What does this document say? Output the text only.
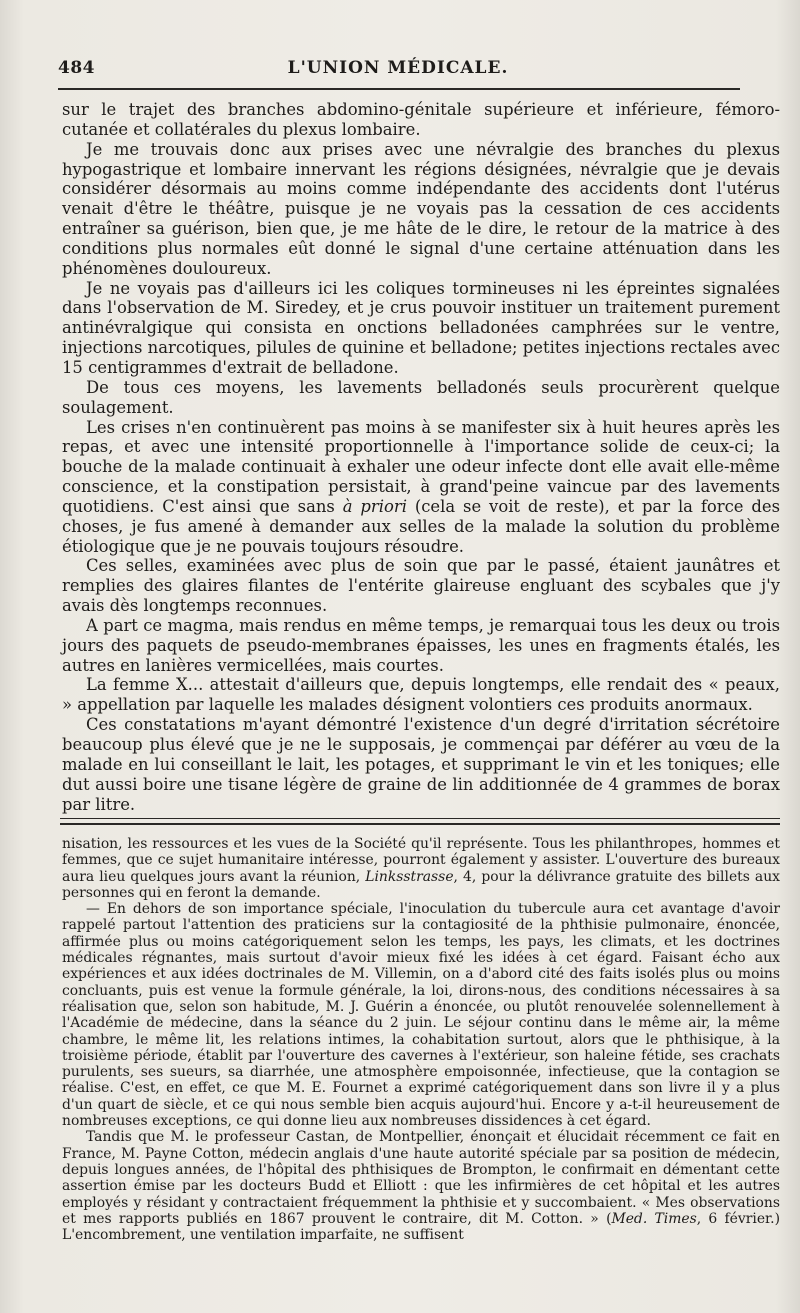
484	L'UNION MÉDICALE.

sur le trajet des branches abdomino-génitale supérieure et inférieure, fémoro-cutanée et collatérales du plexus lombaire.

Je me trouvais donc aux prises avec une névralgie des branches du plexus hypogastrique et lombaire innervant les régions désignées, névralgie que je devais considérer désormais au moins comme indépendante des accidents dont l'utérus venait d'être le théâtre, puisque je ne voyais pas la cessation de ces accidents entraîner sa guérison, bien que, je me hâte de le dire, le retour de la matrice à des conditions plus normales eût donné le signal d'une certaine atténuation dans les phénomènes douloureux.

Je ne voyais pas d'ailleurs ici les coliques tormineuses ni les épreintes signalées dans l'observation de M. Siredey, et je crus pouvoir instituer un traitement purement antinévralgique qui consista en onctions belladonées camphrées sur le ventre, injections narcotiques, pilules de quinine et belladone; petites injections rectales avec 15 centigrammes d'extrait de belladone.

De tous ces moyens, les lavements belladonés seuls procurèrent quelque soulagement.

Les crises n'en continuèrent pas moins à se manifester six à huit heures après les repas, et avec une intensité proportionnelle à l'importance solide de ceux-ci; la bouche de la malade continuait à exhaler une odeur infecte dont elle avait elle-même conscience, et la constipation persistait, à grand'peine vaincue par des lavements quotidiens. C'est ainsi que sans à priori (cela se voit de reste), et par la force des choses, je fus amené à demander aux selles de la malade la solution du problème étiologique que je ne pouvais toujours résoudre.

Ces selles, examinées avec plus de soin que par le passé, étaient jaunâtres et remplies des glaires filantes de l'entérite glaireuse engluant des scybales que j'y avais dès longtemps reconnues.

A part ce magma, mais rendus en même temps, je remarquai tous les deux ou trois jours des paquets de pseudo-membranes épaisses, les unes en fragments étalés, les autres en lanières vermicellées, mais courtes.

La femme X... attestait d'ailleurs que, depuis longtemps, elle rendait des « peaux, » appellation par laquelle les malades désignent volontiers ces produits anormaux.

Ces constatations m'ayant démontré l'existence d'un degré d'irritation sécrétoire beaucoup plus élevé que je ne le supposais, je commençai par déférer au vœu de la malade en lui conseillant le lait, les potages, et supprimant le vin et les toniques; elle dut aussi boire une tisane légère de graine de lin additionnée de 4 grammes de borax par litre.

nisation, les ressources et les vues de la Société qu'il représente. Tous les philanthropes, hommes et femmes, que ce sujet humanitaire intéresse, pourront également y assister. L'ouverture des bureaux aura lieu quelques jours avant la réunion, Linksstrasse, 4, pour la délivrance gratuite des billets aux personnes qui en feront la demande.

— En dehors de son importance spéciale, l'inoculation du tubercule aura cet avantage d'avoir rappelé partout l'attention des praticiens sur la contagiosité de la phthisie pulmonaire, énoncée, affirmée plus ou moins catégoriquement selon les temps, les pays, les climats, et les doctrines médicales régnantes, mais surtout d'avoir mieux fixé les idées à cet égard. Faisant écho aux expériences et aux idées doctrinales de M. Villemin, on a d'abord cité des faits isolés plus ou moins concluants, puis est venue la formule générale, la loi, dirons-nous, des conditions nécessaires à sa réalisation que, selon son habitude, M. J. Guérin a énoncée, ou plutôt renouvelée solennellement à l'Académie de médecine, dans la séance du 2 juin. Le séjour continu dans le même air, la même chambre, le même lit, les relations intimes, la cohabitation surtout, alors que le phthisique, à la troisième période, établit par l'ouverture des cavernes à l'extérieur, son haleine fétide, ses crachats purulents, ses sueurs, sa diarrhée, une atmosphère empoisonnée, infectieuse, que la contagion se réalise. C'est, en effet, ce que M. E. Fournet a exprimé catégoriquement dans son livre il y a plus d'un quart de siècle, et ce qui nous semble bien acquis aujourd'hui. Encore y a-t-il heureusement de nombreuses exceptions, ce qui donne lieu aux nombreuses dissidences à cet égard.

Tandis que M. le professeur Castan, de Montpellier, énonçait et élucidait récemment ce fait en France, M. Payne Cotton, médecin anglais d'une haute autorité spéciale par sa position de médecin, depuis longues années, de l'hôpital des phthisiques de Brompton, le confirmait en démentant cette assertion émise par les docteurs Budd et Elliott : que les infirmières de cet hôpital et les autres employés y résidant y contractaient fréquemment la phthisie et y succombaient. « Mes observations et mes rapports publiés en 1867 prouvent le contraire, dit M. Cotton. » (Med. Times, 6 février.) L'encombrement, une ventilation imparfaite, ne suffisent
